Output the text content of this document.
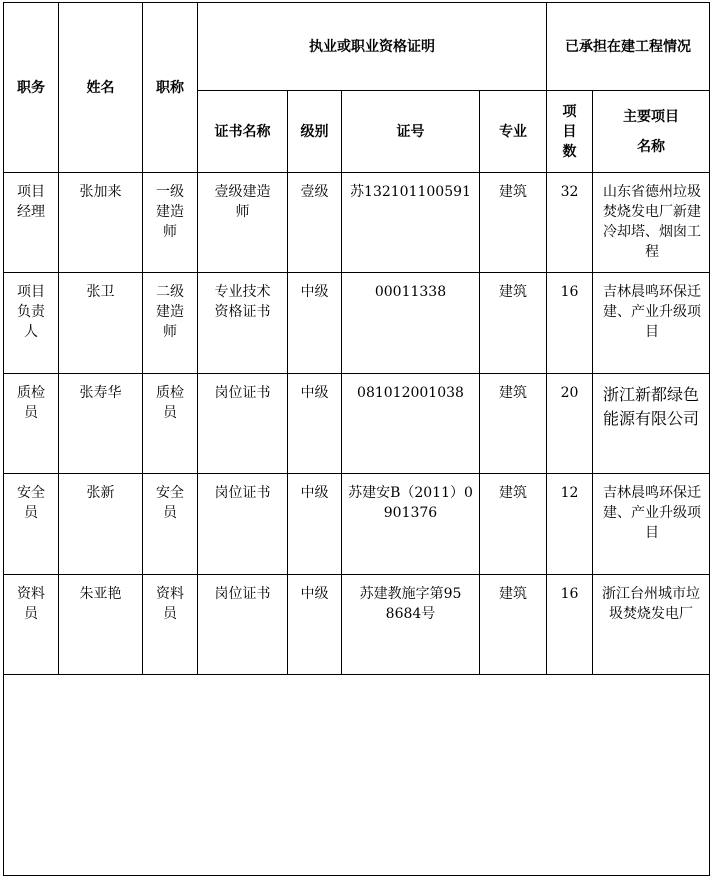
职务	姓名	职称	执业或职业资格证明				已承担在建工程情况	
			证书名称	级别	证号	专业	项目数	主要项目名称

项目经理	张加来	一级建造师	壹级建造师	壹级	苏132101100591	建筑	32	山东省德州垃圾焚烧发电厂新建冷却塔、烟囱工程

项目负责人	张卫	二级建造师	专业技术资格证书	中级	00011338	建筑	16	吉林晨鸣环保迁建、产业升级项目

质检员	张寿华	质检员	岗位证书	中级	081012001038	建筑	20	浙江新都绿色能源有限公司

安全员	张新	安全员	岗位证书	中级	苏建安B（2011）0901376	建筑	12	吉林晨鸣环保迁建、产业升级项目

资料员	朱亚艳	资料员	岗位证书	中级	苏建教施字第958684号	建筑	16	浙江台州城市垃圾焚烧发电厂
